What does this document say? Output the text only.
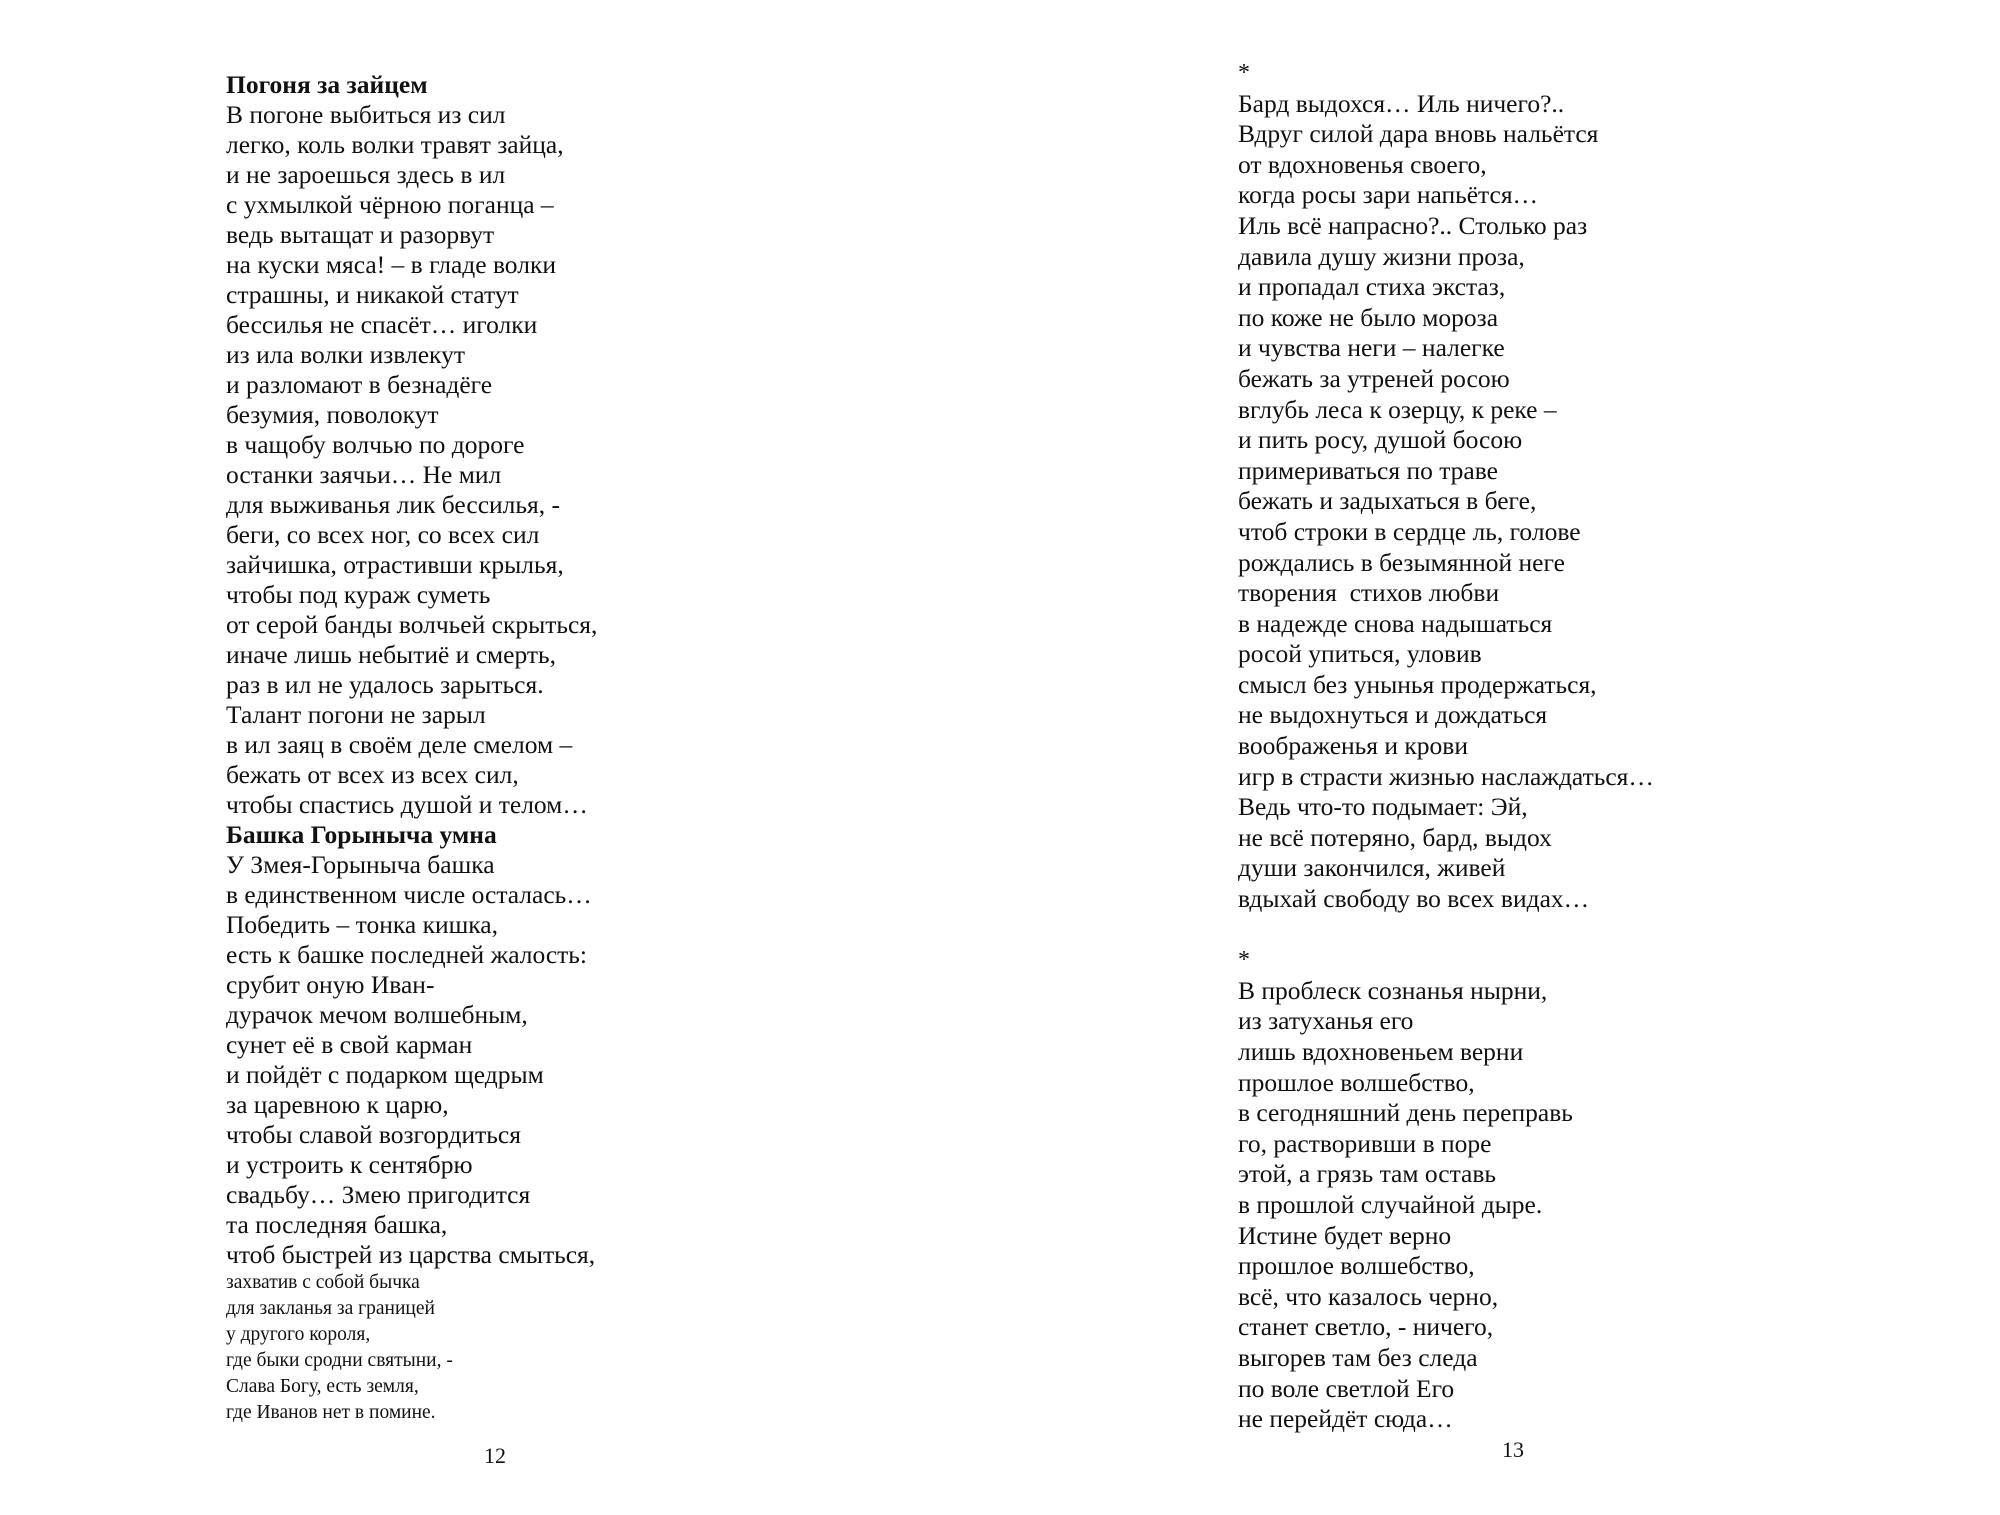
Погоня за зайцем
В погоне выбиться из сил
легко, коль волки травят зайца,
и не зароешься здесь в ил
с ухмылкой чёрною поганца –
ведь вытащат и разорвут
на куски мяса! – в гладе волки
страшны, и никакой статут
бессилья не спасёт… иголки
из ила волки извлекут
и разломают в безнадёге
безумия, поволокут
в чащобу волчью по дороге
останки заячьи… Не мил
для выживанья лик бессилья, -
беги, со всех ног, со всех сил
зайчишка, отрастивши крылья,
чтобы под кураж суметь
от серой банды волчьей скрыться,
иначе лишь небытиё и смерть,
раз в ил не удалось зарыться.
Талант погони не зарыл
в ил заяц в своём деле смелом –
бежать от всех из всех сил,
чтобы спастись душой и телом…
Башка Горыныча умна
У Змея-Горыныча башка
в единственном числе осталась…
Победить – тонка кишка,
есть к башке последней жалость:
срубит оную Иван-
дурачок мечом волшебным,
сунет её в свой карман
и пойдёт с подарком щедрым
за царевною к царю,
чтобы славой возгордиться
и устроить к сентябрю
свадьбу… Змею пригодится
та последняя башка,
чтоб быстрей из царства смыться,
захватив с собой бычка
для закланья за границей
у другого короля,
где быки сродни святыни, -
Слава Богу, есть земля,
где Иванов нет в помине.
12
*
Бард выдохся… Иль ничего?..
Вдруг силой дара вновь нальётся
от вдохновенья своего,
когда росы зари напьётся…
Иль всё напрасно?.. Столько раз
давила душу жизни проза,
и пропадал стиха экстаз,
по коже не было мороза
и чувства неги – налегке
бежать за утреней росою
вглубь леса к озерцу, к реке –
и пить росу, душой босою
примериваться по траве
бежать и задыхаться в беге,
чтоб строки в сердце ль, голове
рождались в безымянной неге
творения  стихов любви
в надежде снова надышаться
росой упиться, уловив
смысл без унынья продержаться,
не выдохнуться и дождаться
воображенья и крови
игр в страсти жизнью наслаждаться…
Ведь что-то подымает: Эй,
не всё потеряно, бард, выдох
души закончился, живей
вдыхай свободу во всех видах…
*
В проблеск сознанья нырни,
из затуханья его
лишь вдохновеньем верни
прошлое волшебство,
в сегодняшний день переправь
го, растворивши в поре
этой, а грязь там оставь
в прошлой случайной дыре.
Истине будет верно
прошлое волшебство,
всё, что казалось черно,
станет светло, - ничего,
выгорев там без следа
по воле светлой Его
не перейдёт сюда…
13
